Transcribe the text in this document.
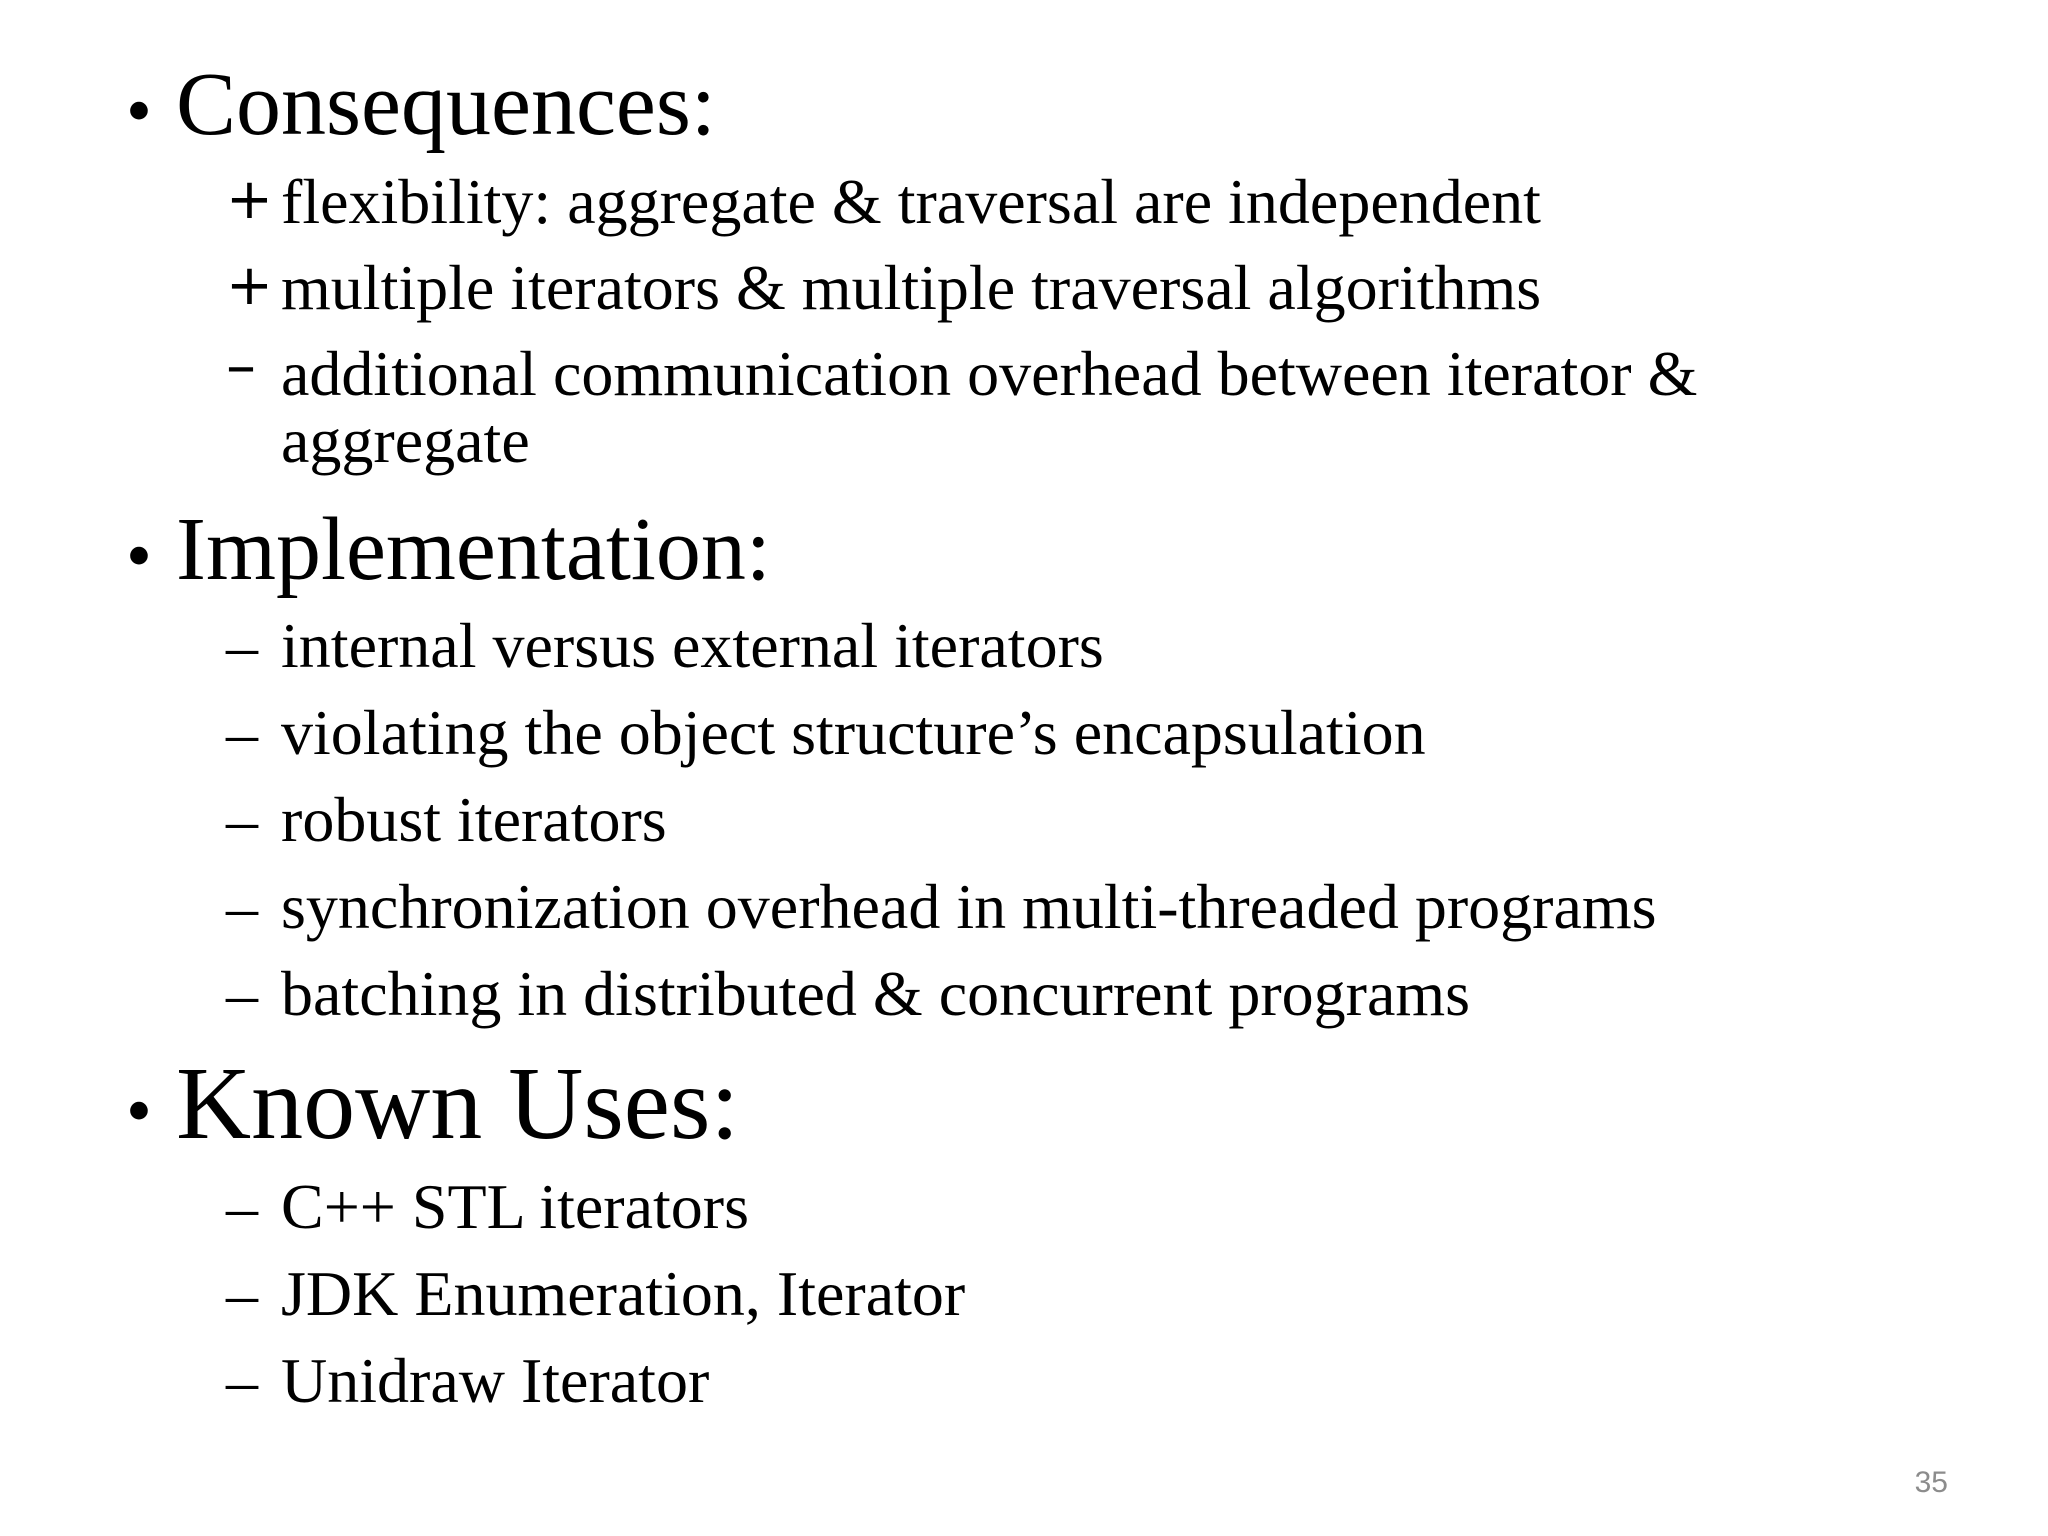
• Consequences:
+ flexibility: aggregate & traversal are independent
+ multiple iterators & multiple traversal algorithms
– additional communication overhead between iterator &
aggregate
• Implementation:
– internal versus external iterators
– violating the object structure’s encapsulation
– robust iterators
– synchronization overhead in multi-threaded programs
– batching in distributed & concurrent programs
• Known Uses:
– C++ STL iterators
– JDK Enumeration, Iterator
– Unidraw Iterator
35
